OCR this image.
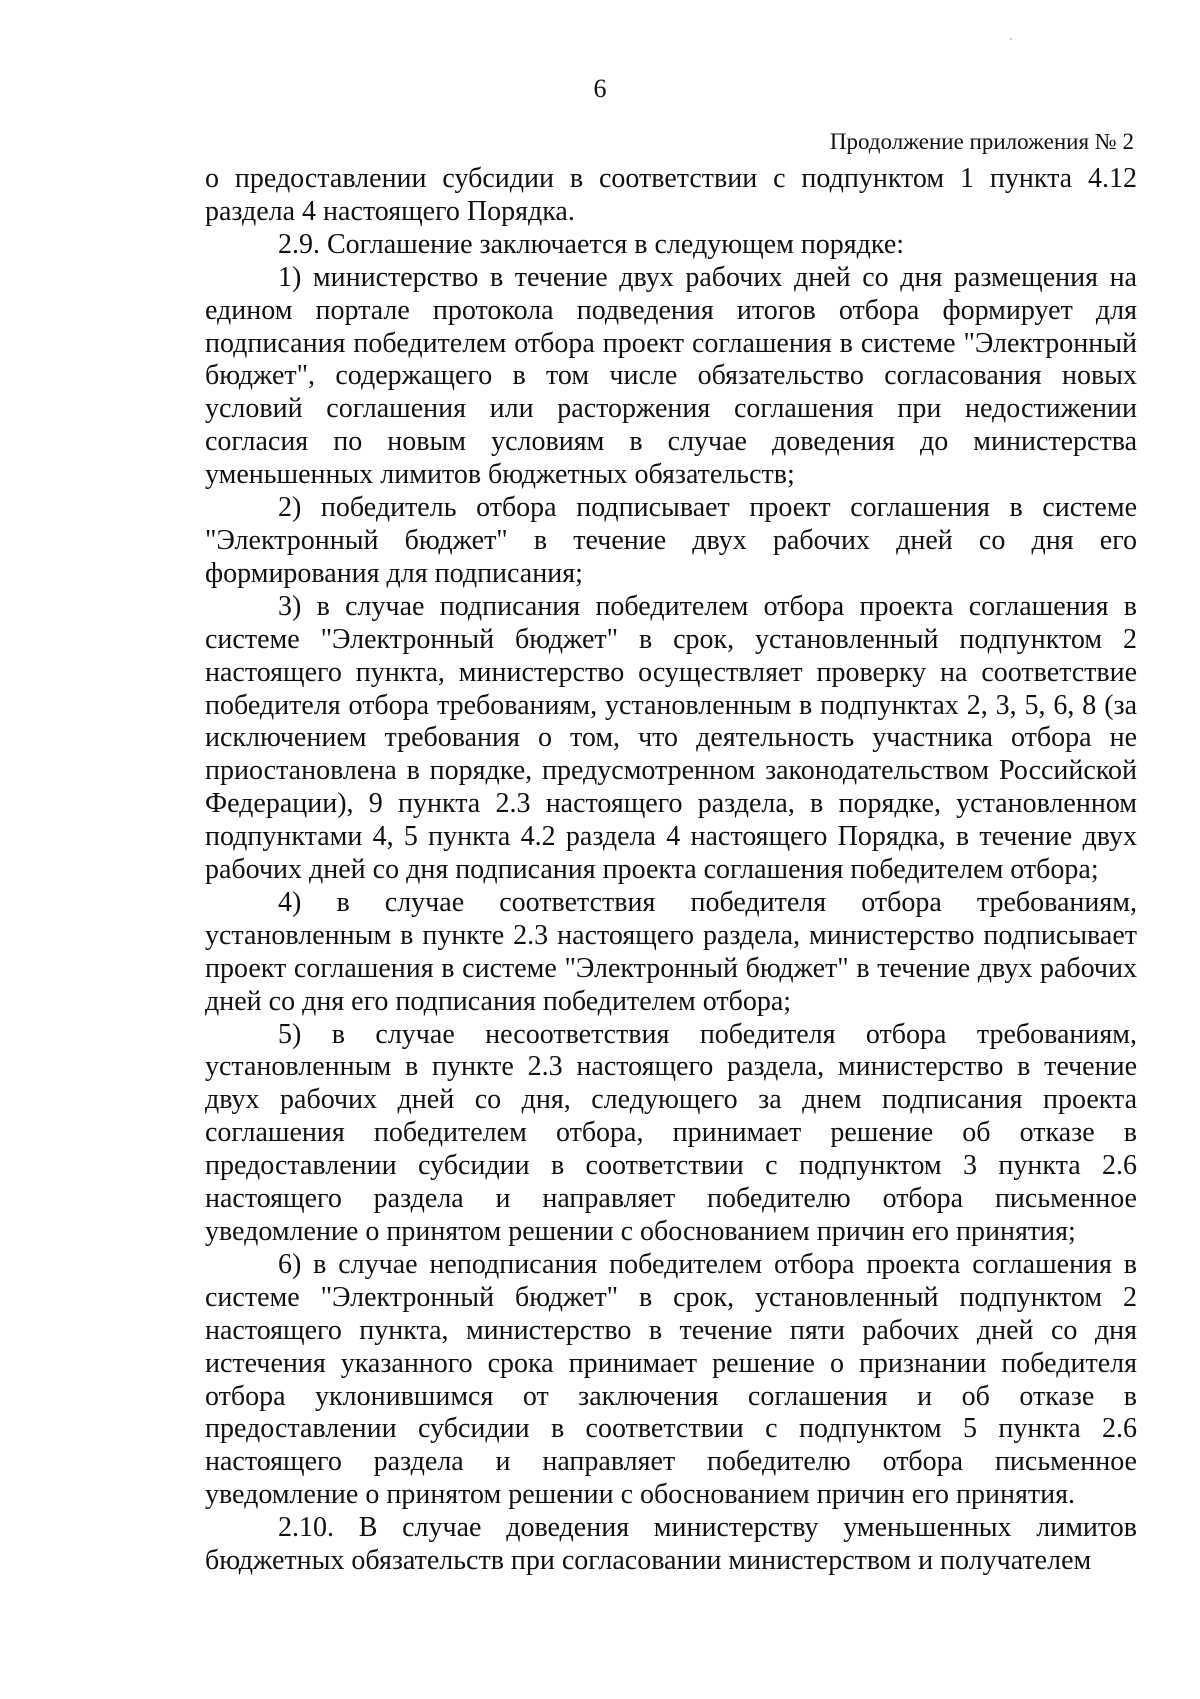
6
Продолжение приложения № 2

о предоставлении субсидии в соответствии с подпунктом 1 пункта 4.12 раздела 4 настоящего Порядка.

2.9. Соглашение заключается в следующем порядке:

1) министерство в течение двух рабочих дней со дня размещения на едином портале протокола подведения итогов отбора формирует для подписания победителем отбора проект соглашения в системе "Электронный бюджет", содержащего в том числе обязательство согласования новых условий соглашения или расторжения соглашения при недостижении согласия по новым условиям в случае доведения до министерства уменьшенных лимитов бюджетных обязательств;

2) победитель отбора подписывает проект соглашения в системе "Электронный бюджет" в течение двух рабочих дней со дня его формирования для подписания;

3) в случае подписания победителем отбора проекта соглашения в системе "Электронный бюджет" в срок, установленный подпунктом 2 настоящего пункта, министерство осуществляет проверку на соответствие победителя отбора требованиям, установленным в подпунктах 2, 3, 5, 6, 8 (за исключением требования о том, что деятельность участника отбора не приостановлена в порядке, предусмотренном законодательством Российской Федерации), 9 пункта 2.3 настоящего раздела, в порядке, установленном подпунктами 4, 5 пункта 4.2 раздела 4 настоящего Порядка, в течение двух рабочих дней со дня подписания проекта соглашения победителем отбора;

4) в случае соответствия победителя отбора требованиям, установленным в пункте 2.3 настоящего раздела, министерство подписывает проект соглашения в системе "Электронный бюджет" в течение двух рабочих дней со дня его подписания победителем отбора;

5) в случае несоответствия победителя отбора требованиям, установленным в пункте 2.3 настоящего раздела, министерство в течение двух рабочих дней со дня, следующего за днем подписания проекта соглашения победителем отбора, принимает решение об отказе в предоставлении субсидии в соответствии с подпунктом 3 пункта 2.6 настоящего раздела и направляет победителю отбора письменное уведомление о принятом решении с обоснованием причин его принятия;

6) в случае неподписания победителем отбора проекта соглашения в системе "Электронный бюджет" в срок, установленный подпунктом 2 настоящего пункта, министерство в течение пяти рабочих дней со дня истечения указанного срока принимает решение о признании победителя отбора уклонившимся от заключения соглашения и об отказе в предоставлении субсидии в соответствии с подпунктом 5 пункта 2.6 настоящего раздела и направляет победителю отбора письменное уведомление о принятом решении с обоснованием причин его принятия.

2.10. В случае доведения министерству уменьшенных лимитов бюджетных обязательств при согласовании министерством и получателем
